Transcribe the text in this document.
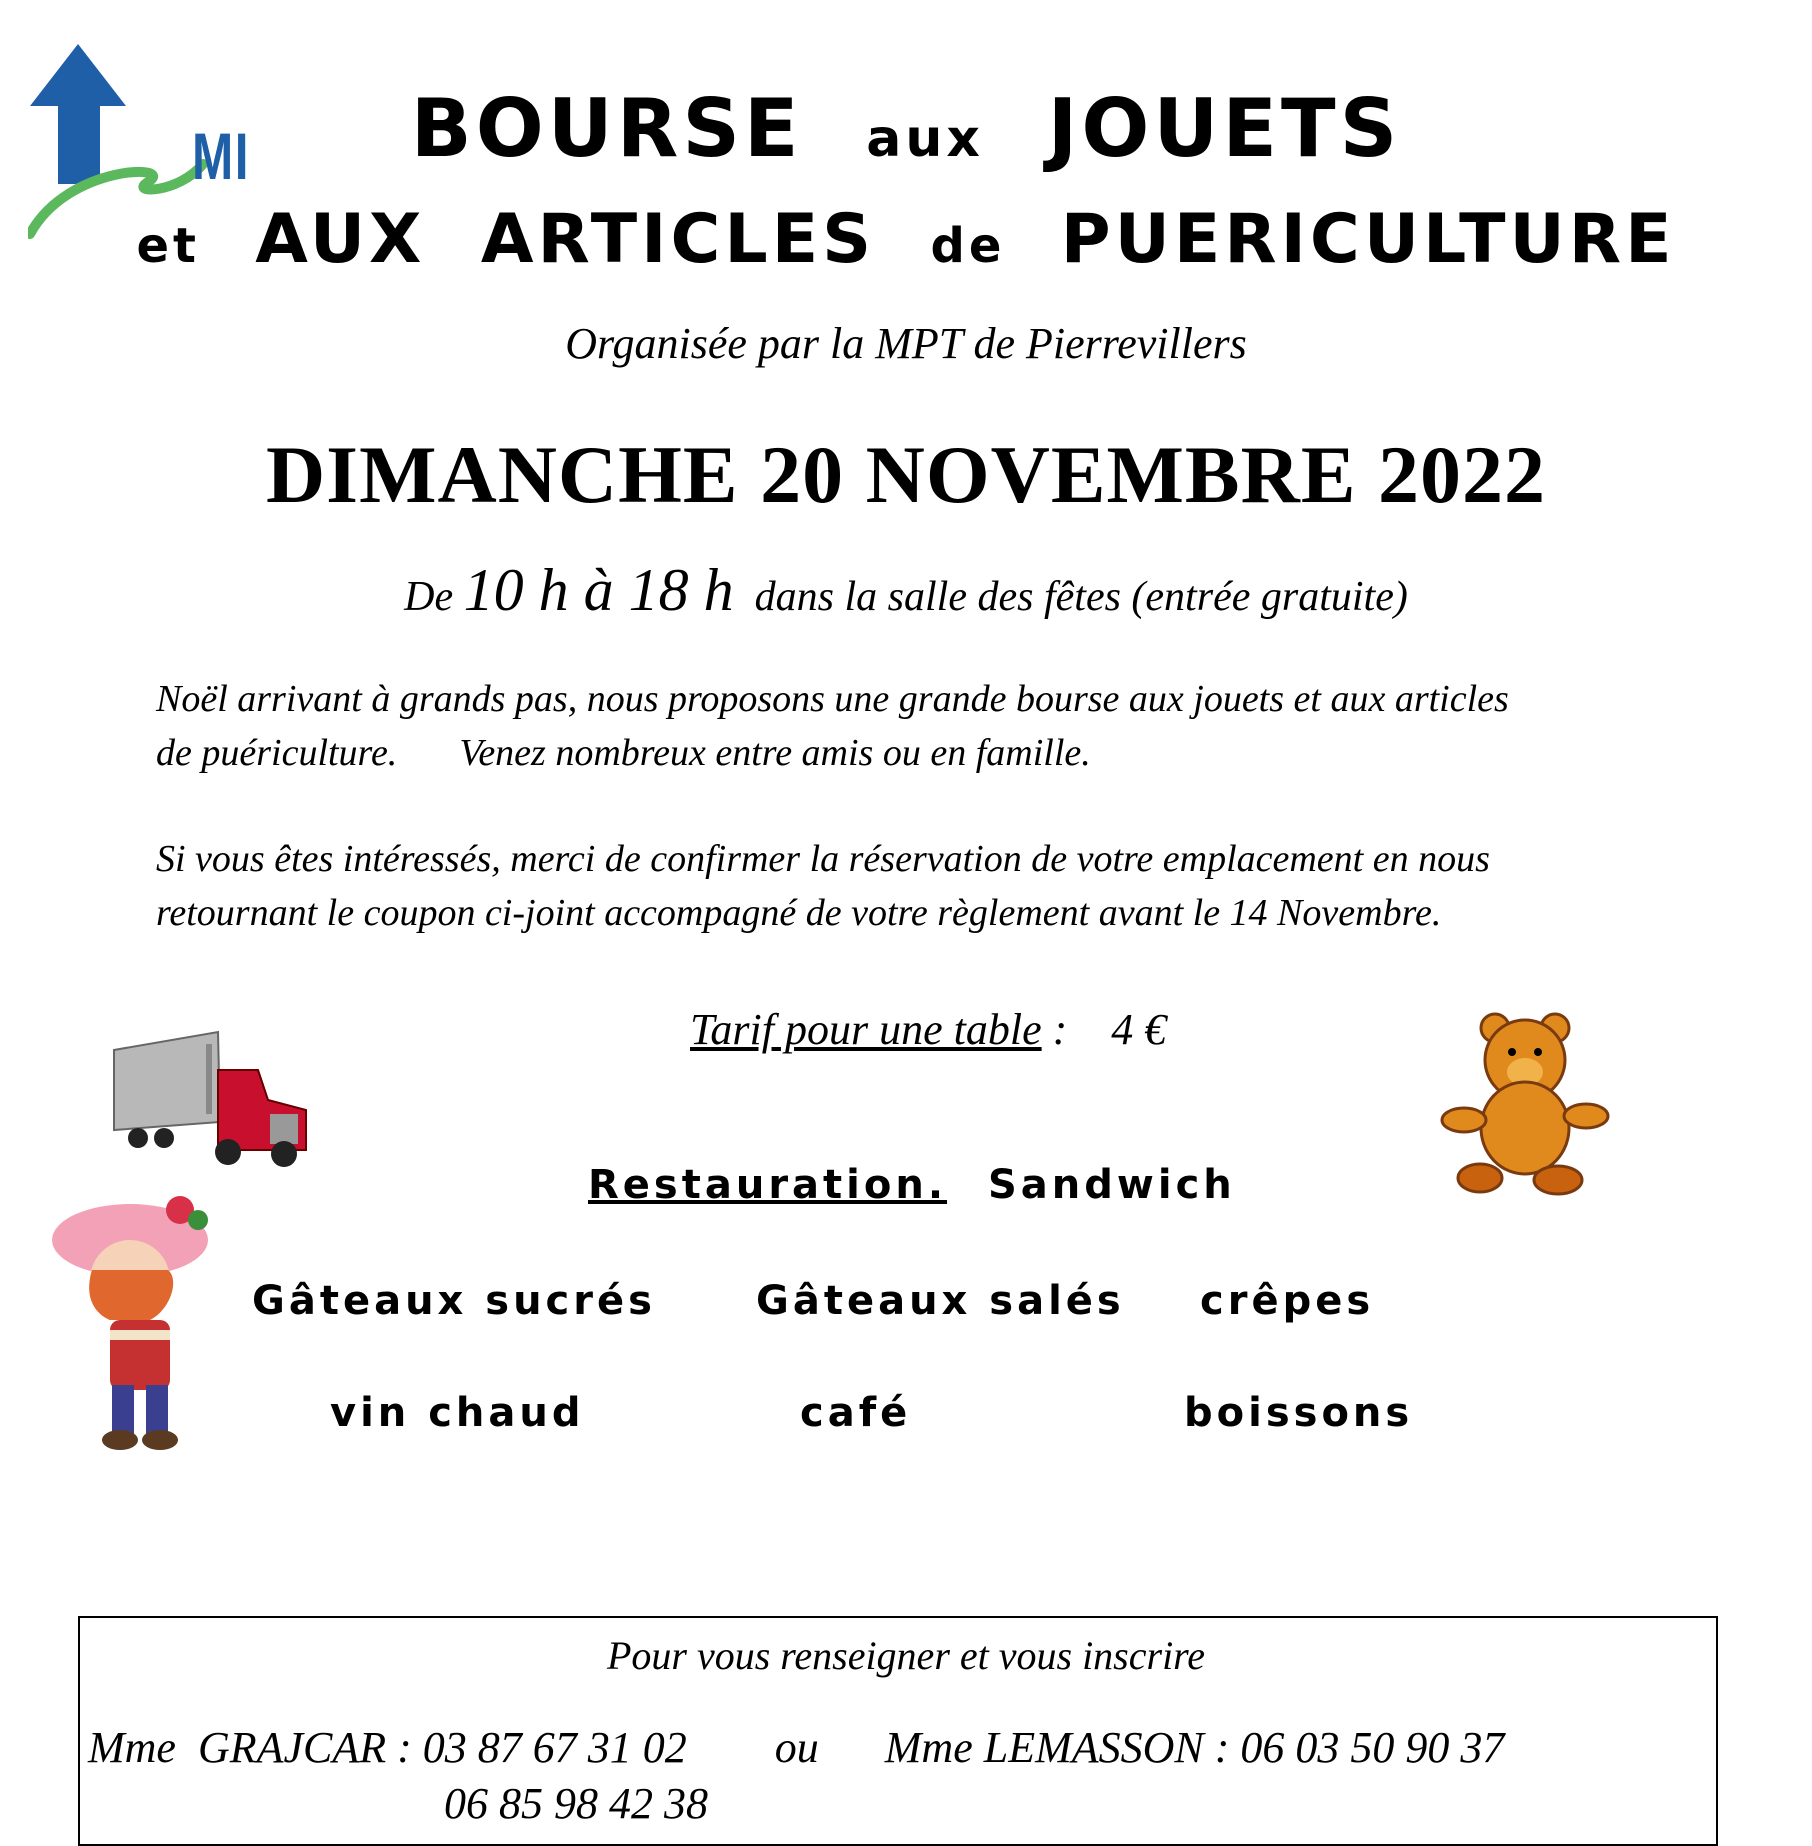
MI	BOURSE aux JOUETS
et AUX ARTICLES de PUERICULTURE
Organisée par la MPT de Pierrevillers
DIMANCHE 20 NOVEMBRE 2022
De 10 h à 18 h dans la salle des fêtes (entrée gratuite)
Noël arrivant à grands pas, nous proposons une grande bourse aux jouets et aux articles
de puériculture. Venez nombreux entre amis ou en famille.
Si vous êtes intéressés, merci de confirmer la réservation de votre emplacement en nous
retournant le coupon ci-joint accompagné de votre règlement avant le 14 Novembre.
Tarif pour une table : 4 €
Restauration. Sandwich
Gâteaux sucrés	Gâteaux salés crêpes
vin chaud	café	boissons
Pour vous renseigner et vous inscrire
Mme  GRAJCAR : 03 87 67 31 02        ou      Mme LEMASSON : 06 03 50 90 37
06 85 98 42 38
